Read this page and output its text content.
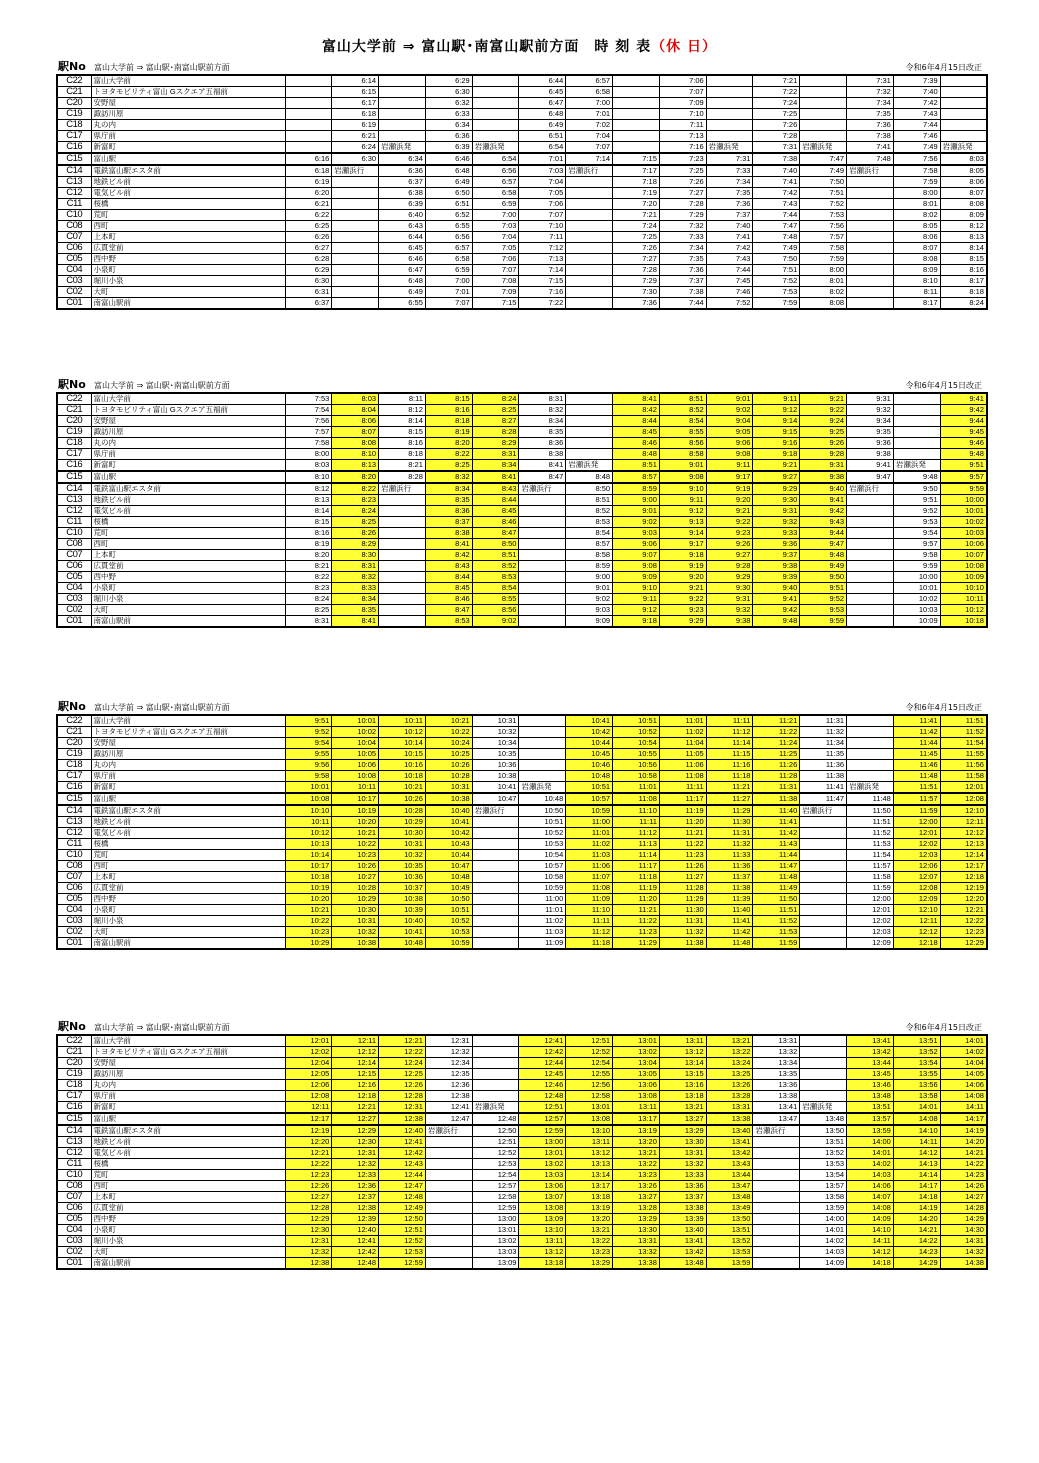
富山大学前 ⇒ 富山駅･南富山駅前方面　時 刻 表（休 日）
駅No 富山大学前 ⇒ 富山駅･南富山駅前方面	令和6年4月15日改正
C22	富山大学前		6:14		6:29		6:44	6:57		7:06		7:21		7:31	7:39	
C21	トヨタモビリティ富山 Gスクエア五福前		6:15		6:30		6:45	6:58		7:07		7:22		7:32	7:40	
C20	安野屋		6:17		6:32		6:47	7:00		7:09		7:24		7:34	7:42	
C19	諏訪川原		6:18		6:33		6:48	7:01		7:10		7:25		7:35	7:43	
C18	丸の内		6:19		6:34		6:49	7:02		7:11		7:26		7:36	7:44	
C17	県庁前		6:21		6:36		6:51	7:04		7:13		7:28		7:38	7:46	
C16	新富町		6:24	岩瀬浜発	6:39	岩瀬浜発	6:54	7:07		7:16	岩瀬浜発	7:31	岩瀬浜発	7:41	7:49	岩瀬浜発
C15	富山駅	6:16	6:30	6:34	6:46	6:54	7:01	7:14	7:15	7:23	7:31	7:38	7:47	7:48	7:56	8:03
C14	電鉄富山駅エスタ前	6:18	岩瀬浜行	6:36	6:48	6:56	7:03	岩瀬浜行	7:17	7:25	7:33	7:40	7:49	岩瀬浜行	7:58	8:05
C13	地鉄ビル前	6:19		6:37	6:49	6:57	7:04		7:18	7:26	7:34	7:41	7:50		7:59	8:06
C12	電気ビル前	6:20		6:38	6:50	6:58	7:05		7:19	7:27	7:35	7:42	7:51		8:00	8:07
C11	桜橋	6:21		6:39	6:51	6:59	7:06		7:20	7:28	7:36	7:43	7:52		8:01	8:08
C10	荒町	6:22		6:40	6:52	7:00	7:07		7:21	7:29	7:37	7:44	7:53		8:02	8:09
C08	西町	6:25		6:43	6:55	7:03	7:10		7:24	7:32	7:40	7:47	7:56		8:05	8:12
C07	上本町	6:26		6:44	6:56	7:04	7:11		7:25	7:33	7:41	7:48	7:57		8:06	8:13
C06	広貫堂前	6:27		6:45	6:57	7:05	7:12		7:26	7:34	7:42	7:49	7:58		8:07	8:14
C05	西中野	6:28		6:46	6:58	7:06	7:13		7:27	7:35	7:43	7:50	7:59		8:08	8:15
C04	小泉町	6:29		6:47	6:59	7:07	7:14		7:28	7:36	7:44	7:51	8:00		8:09	8:16
C03	堀川小泉	6:30		6:48	7:00	7:08	7:15		7:29	7:37	7:45	7:52	8:01		8:10	8:17
C02	大町	6:31		6:49	7:01	7:09	7:16		7:30	7:38	7:46	7:53	8:02		8:11	8:18
C01	南富山駅前	6:37		6:55	7:07	7:15	7:22		7:36	7:44	7:52	7:59	8:08		8:17	8:24
駅No 富山大学前 ⇒ 富山駅･南富山駅前方面	令和6年4月15日改正
C22	富山大学前	7:53	8:03	8:11	8:15	8:24	8:31		8:41	8:51	9:01	9:11	9:21	9:31		9:41
C21	トヨタモビリティ富山 Gスクエア五福前	7:54	8:04	8:12	8:16	8:25	8:32		8:42	8:52	9:02	9:12	9:22	9:32		9:42
C20	安野屋	7:56	8:06	8:14	8:18	8:27	8:34		8:44	8:54	9:04	9:14	9:24	9:34		9:44
C19	諏訪川原	7:57	8:07	8:15	8:19	8:28	8:35		8:45	8:55	9:05	9:15	9:25	9:35		9:45
C18	丸の内	7:58	8:08	8:16	8:20	8:29	8:36		8:46	8:56	9:06	9:16	9:26	9:36		9:46
C17	県庁前	8:00	8:10	8:18	8:22	8:31	8:38		8:48	8:58	9:08	9:18	9:28	9:38		9:48
C16	新富町	8:03	8:13	8:21	8:25	8:34	8:41	岩瀬浜発	8:51	9:01	9:11	9:21	9:31	9:41	岩瀬浜発	9:51
C15	富山駅	8:10	8:20	8:28	8:32	8:41	8:47	8:48	8:57	9:08	9:17	9:27	9:38	9:47	9:48	9:57
C14	電鉄富山駅エスタ前	8:12	8:22	岩瀬浜行	8:34	8:43	岩瀬浜行	8:50	8:59	9:10	9:19	9:29	9:40	岩瀬浜行	9:50	9:59
C13	地鉄ビル前	8:13	8:23		8:35	8:44		8:51	9:00	9:11	9:20	9:30	9:41		9:51	10:00
C12	電気ビル前	8:14	8:24		8:36	8:45		8:52	9:01	9:12	9:21	9:31	9:42		9:52	10:01
C11	桜橋	8:15	8:25		8:37	8:46		8:53	9:02	9:13	9:22	9:32	9:43		9:53	10:02
C10	荒町	8:16	8:26		8:38	8:47		8:54	9:03	9:14	9:23	9:33	9:44		9:54	10:03
C08	西町	8:19	8:29		8:41	8:50		8:57	9:06	9:17	9:26	9:36	9:47		9:57	10:06
C07	上本町	8:20	8:30		8:42	8:51		8:58	9:07	9:18	9:27	9:37	9:48		9:58	10:07
C06	広貫堂前	8:21	8:31		8:43	8:52		8:59	9:08	9:19	9:28	9:38	9:49		9:59	10:08
C05	西中野	8:22	8:32		8:44	8:53		9:00	9:09	9:20	9:29	9:39	9:50		10:00	10:09
C04	小泉町	8:23	8:33		8:45	8:54		9:01	9:10	9:21	9:30	9:40	9:51		10:01	10:10
C03	堀川小泉	8:24	8:34		8:46	8:55		9:02	9:11	9:22	9:31	9:41	9:52		10:02	10:11
C02	大町	8:25	8:35		8:47	8:56		9:03	9:12	9:23	9:32	9:42	9:53		10:03	10:12
C01	南富山駅前	8:31	8:41		8:53	9:02		9:09	9:18	9:29	9:38	9:48	9:59		10:09	10:18
駅No 富山大学前 ⇒ 富山駅･南富山駅前方面	令和6年4月15日改正
C22	富山大学前	9:51	10:01	10:11	10:21	10:31		10:41	10:51	11:01	11:11	11:21	11:31		11:41	11:51
C21	トヨタモビリティ富山 Gスクエア五福前	9:52	10:02	10:12	10:22	10:32		10:42	10:52	11:02	11:12	11:22	11:32		11:42	11:52
C20	安野屋	9:54	10:04	10:14	10:24	10:34		10:44	10:54	11:04	11:14	11:24	11:34		11:44	11:54
C19	諏訪川原	9:55	10:05	10:15	10:25	10:35		10:45	10:55	11:05	11:15	11:25	11:35		11:45	11:55
C18	丸の内	9:56	10:06	10:16	10:26	10:36		10:46	10:56	11:06	11:16	11:26	11:36		11:46	11:56
C17	県庁前	9:58	10:08	10:18	10:28	10:38		10:48	10:58	11:08	11:18	11:28	11:38		11:48	11:58
C16	新富町	10:01	10:11	10:21	10:31	10:41	岩瀬浜発	10:51	11:01	11:11	11:21	11:31	11:41	岩瀬浜発	11:51	12:01
C15	富山駅	10:08	10:17	10:26	10:38	10:47	10:48	10:57	11:08	11:17	11:27	11:38	11:47	11:48	11:57	12:08
C14	電鉄富山駅エスタ前	10:10	10:19	10:28	10:40	岩瀬浜行	10:50	10:59	11:10	11:19	11:29	11:40	岩瀬浜行	11:50	11:59	12:10
C13	地鉄ビル前	10:11	10:20	10:29	10:41		10:51	11:00	11:11	11:20	11:30	11:41		11:51	12:00	12:11
C12	電気ビル前	10:12	10:21	10:30	10:42		10:52	11:01	11:12	11:21	11:31	11:42		11:52	12:01	12:12
C11	桜橋	10:13	10:22	10:31	10:43		10:53	11:02	11:13	11:22	11:32	11:43		11:53	12:02	12:13
C10	荒町	10:14	10:23	10:32	10:44		10:54	11:03	11:14	11:23	11:33	11:44		11:54	12:03	12:14
C08	西町	10:17	10:26	10:35	10:47		10:57	11:06	11:17	11:26	11:36	11:47		11:57	12:06	12:17
C07	上本町	10:18	10:27	10:36	10:48		10:58	11:07	11:18	11:27	11:37	11:48		11:58	12:07	12:18
C06	広貫堂前	10:19	10:28	10:37	10:49		10:59	11:08	11:19	11:28	11:38	11:49		11:59	12:08	12:19
C05	西中野	10:20	10:29	10:38	10:50		11:00	11:09	11:20	11:29	11:39	11:50		12:00	12:09	12:20
C04	小泉町	10:21	10:30	10:39	10:51		11:01	11:10	11:21	11:30	11:40	11:51		12:01	12:10	12:21
C03	堀川小泉	10:22	10:31	10:40	10:52		11:02	11:11	11:22	11:31	11:41	11:52		12:02	12:11	12:22
C02	大町	10:23	10:32	10:41	10:53		11:03	11:12	11:23	11:32	11:42	11:53		12:03	12:12	12:23
C01	南富山駅前	10:29	10:38	10:48	10:59		11:09	11:18	11:29	11:38	11:48	11:59		12:09	12:18	12:29
駅No 富山大学前 ⇒ 富山駅･南富山駅前方面	令和6年4月15日改正
C22	富山大学前	12:01	12:11	12:21	12:31		12:41	12:51	13:01	13:11	13:21	13:31		13:41	13:51	14:01
C21	トヨタモビリティ富山 Gスクエア五福前	12:02	12:12	12:22	12:32		12:42	12:52	13:02	13:12	13:22	13:32		13:42	13:52	14:02
C20	安野屋	12:04	12:14	12:24	12:34		12:44	12:54	13:04	13:14	13:24	13:34		13:44	13:54	14:04
C19	諏訪川原	12:05	12:15	12:25	12:35		12:45	12:55	13:05	13:15	13:25	13:35		13:45	13:55	14:05
C18	丸の内	12:06	12:16	12:26	12:36		12:46	12:56	13:06	13:16	13:26	13:36		13:46	13:56	14:06
C17	県庁前	12:08	12:18	12:28	12:38		12:48	12:58	13:08	13:18	13:28	13:38		13:48	13:58	14:08
C16	新富町	12:11	12:21	12:31	12:41	岩瀬浜発	12:51	13:01	13:11	13:21	13:31	13:41	岩瀬浜発	13:51	14:01	14:11
C15	富山駅	12:17	12:27	12:38	12:47	12:48	12:57	13:08	13:17	13:27	13:38	13:47	13:48	13:57	14:08	14:17
C14	電鉄富山駅エスタ前	12:19	12:29	12:40	岩瀬浜行	12:50	12:59	13:10	13:19	13:29	13:40	岩瀬浜行	13:50	13:59	14:10	14:19
C13	地鉄ビル前	12:20	12:30	12:41		12:51	13:00	13:11	13:20	13:30	13:41		13:51	14:00	14:11	14:20
C12	電気ビル前	12:21	12:31	12:42		12:52	13:01	13:12	13:21	13:31	13:42		13:52	14:01	14:12	14:21
C11	桜橋	12:22	12:32	12:43		12:53	13:02	13:13	13:22	13:32	13:43		13:53	14:02	14:13	14:22
C10	荒町	12:23	12:33	12:44		12:54	13:03	13:14	13:23	13:33	13:44		13:54	14:03	14:14	14:23
C08	西町	12:26	12:36	12:47		12:57	13:06	13:17	13:26	13:36	13:47		13:57	14:06	14:17	14:26
C07	上本町	12:27	12:37	12:48		12:58	13:07	13:18	13:27	13:37	13:48		13:58	14:07	14:18	14:27
C06	広貫堂前	12:28	12:38	12:49		12:59	13:08	13:19	13:28	13:38	13:49		13:59	14:08	14:19	14:28
C05	西中野	12:29	12:39	12:50		13:00	13:09	13:20	13:29	13:39	13:50		14:00	14:09	14:20	14:29
C04	小泉町	12:30	12:40	12:51		13:01	13:10	13:21	13:30	13:40	13:51		14:01	14:10	14:21	14:30
C03	堀川小泉	12:31	12:41	12:52		13:02	13:11	13:22	13:31	13:41	13:52		14:02	14:11	14:22	14:31
C02	大町	12:32	12:42	12:53		13:03	13:12	13:23	13:32	13:42	13:53		14:03	14:12	14:23	14:32
C01	南富山駅前	12:38	12:48	12:59		13:09	13:18	13:29	13:38	13:48	13:59		14:09	14:18	14:29	14:38
